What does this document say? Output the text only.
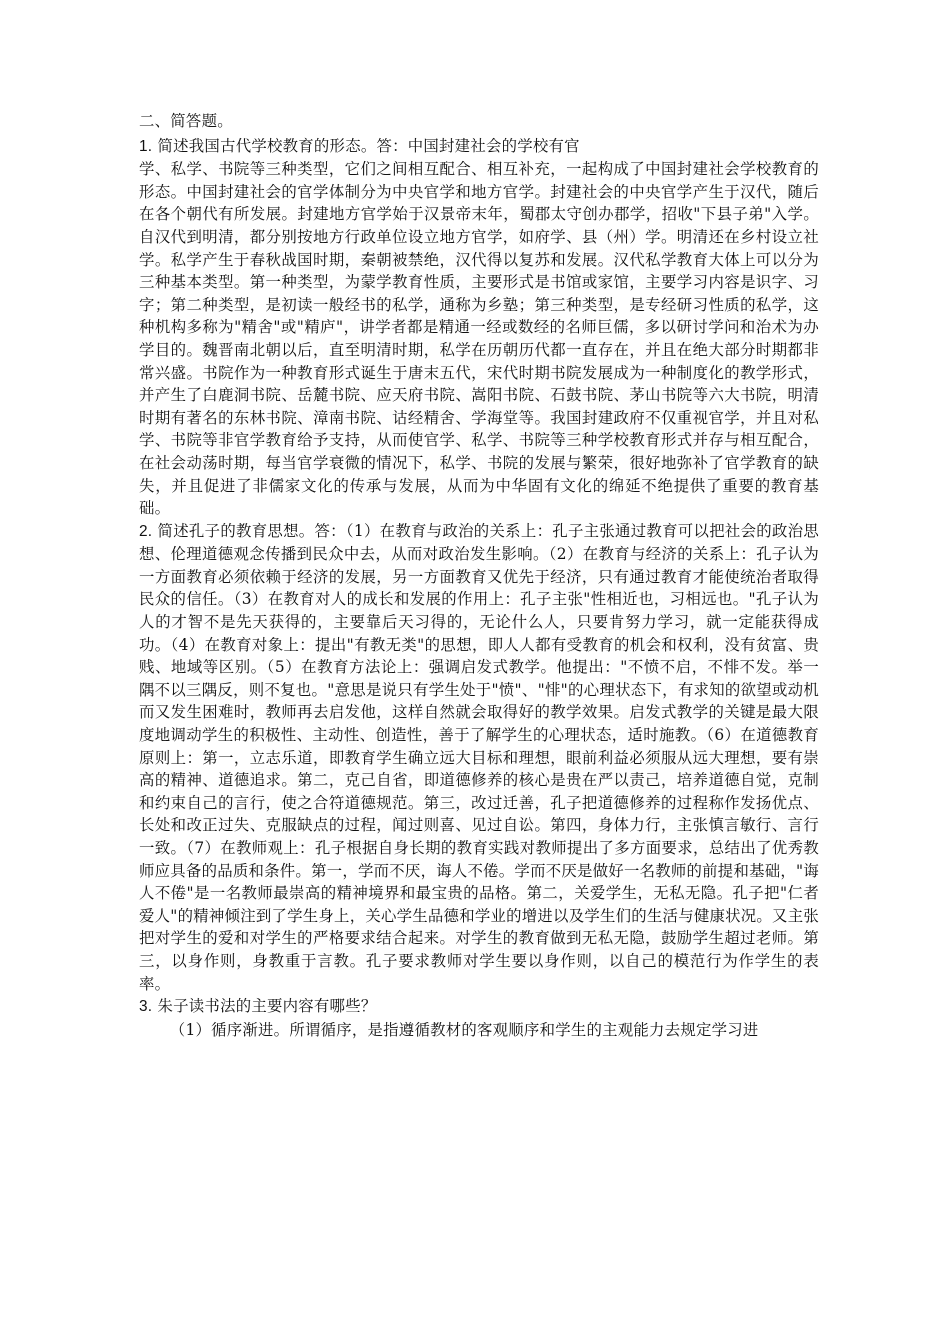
二、简答题。

1. 简述我国古代学校教育的形态。答：中国封建社会的学校有官

学、私学、书院等三种类型，它们之间相互配合、相互补充，一起构成了中国封建社会学校教育的形态。中国封建社会的官学体制分为中央官学和地方官学。封建社会的中央官学产生于汉代，随后在各个朝代有所发展。封建地方官学始于汉景帝末年，蜀郡太守创办郡学，招收"下县子弟"入学。自汉代到明清，都分别按地方行政单位设立地方官学，如府学、县（州）学。明清还在乡村设立社学。私学产生于春秋战国时期，秦朝被禁绝，汉代得以复苏和发展。汉代私学教育大体上可以分为三种基本类型。第一种类型，为蒙学教育性质，主要形式是书馆或家馆，主要学习内容是识字、习字；第二种类型，是初读一般经书的私学，通称为乡塾；第三种类型，是专经研习性质的私学，这种机构多称为"精舍"或"精庐"，讲学者都是精通一经或数经的名师巨儒，多以研讨学问和治术为办学目的。魏晋南北朝以后，直至明清时期，私学在历朝历代都一直存在，并且在绝大部分时期都非常兴盛。书院作为一种教育形式诞生于唐末五代，宋代时期书院发展成为一种制度化的教学形式，并产生了白鹿洞书院、岳麓书院、应天府书院、嵩阳书院、石鼓书院、茅山书院等六大书院，明清时期有著名的东林书院、漳南书院、诂经精舍、学海堂等。我国封建政府不仅重视官学，并且对私学、书院等非官学教育给予支持，从而使官学、私学、书院等三种学校教育形式并存与相互配合，在社会动荡时期，每当官学衰微的情况下，私学、书院的发展与繁荣，很好地弥补了官学教育的缺失，并且促进了非儒家文化的传承与发展，从而为中华固有文化的绵延不绝提供了重要的教育基础。

2. 简述孔子的教育思想。答：（1）在教育与政治的关系上：孔子主张通过教育可以把社会的政治思想、伦理道德观念传播到民众中去，从而对政治发生影响。（2）在教育与经济的关系上：孔子认为一方面教育必须依赖于经济的发展，另一方面教育又优先于经济，只有通过教育才能使统治者取得民众的信任。（3）在教育对人的成长和发展的作用上：孔子主张"性相近也，习相远也。"孔子认为人的才智不是先天获得的，主要靠后天习得的，无论什么人，只要肯努力学习，就一定能获得成功。（4）在教育对象上：提出"有教无类"的思想，即人人都有受教育的机会和权利，没有贫富、贵贱、地域等区别。（5）在教育方法论上：强调启发式教学。他提出："不愤不启，不悱不发。举一隅不以三隅反，则不复也。"意思是说只有学生处于"愤"、"悱"的心理状态下，有求知的欲望或动机而又发生困难时，教师再去启发他，这样自然就会取得好的教学效果。启发式教学的关键是最大限度地调动学生的积极性、主动性、创造性，善于了解学生的心理状态，适时施教。（6）在道德教育原则上：第一，立志乐道，即教育学生确立远大目标和理想，眼前利益必须服从远大理想，要有崇高的精神、道德追求。第二，克己自省，即道德修养的核心是贵在严以责己，培养道德自觉，克制和约束自己的言行，使之合符道德规范。第三，改过迁善，孔子把道德修养的过程称作发扬优点、长处和改正过失、克服缺点的过程，闻过则喜、见过自讼。第四，身体力行，主张慎言敏行、言行一致。（7）在教师观上：孔子根据自身长期的教育实践对教师提出了多方面要求，总结出了优秀教师应具备的品质和条件。第一，学而不厌，诲人不倦。学而不厌是做好一名教师的前提和基础，"诲人不倦"是一名教师最崇高的精神境界和最宝贵的品格。第二，关爱学生，无私无隐。孔子把"仁者爱人"的精神倾注到了学生身上，关心学生品德和学业的增进以及学生们的生活与健康状况。又主张把对学生的爱和对学生的严格要求结合起来。对学生的教育做到无私无隐，鼓励学生超过老师。第三，以身作则，身教重于言教。孔子要求教师对学生要以身作则，以自己的模范行为作学生的表率。

3. 朱子读书法的主要内容有哪些？

（1）循序渐进。所谓循序，是指遵循教材的客观顺序和学生的主观能力去规定学习进
